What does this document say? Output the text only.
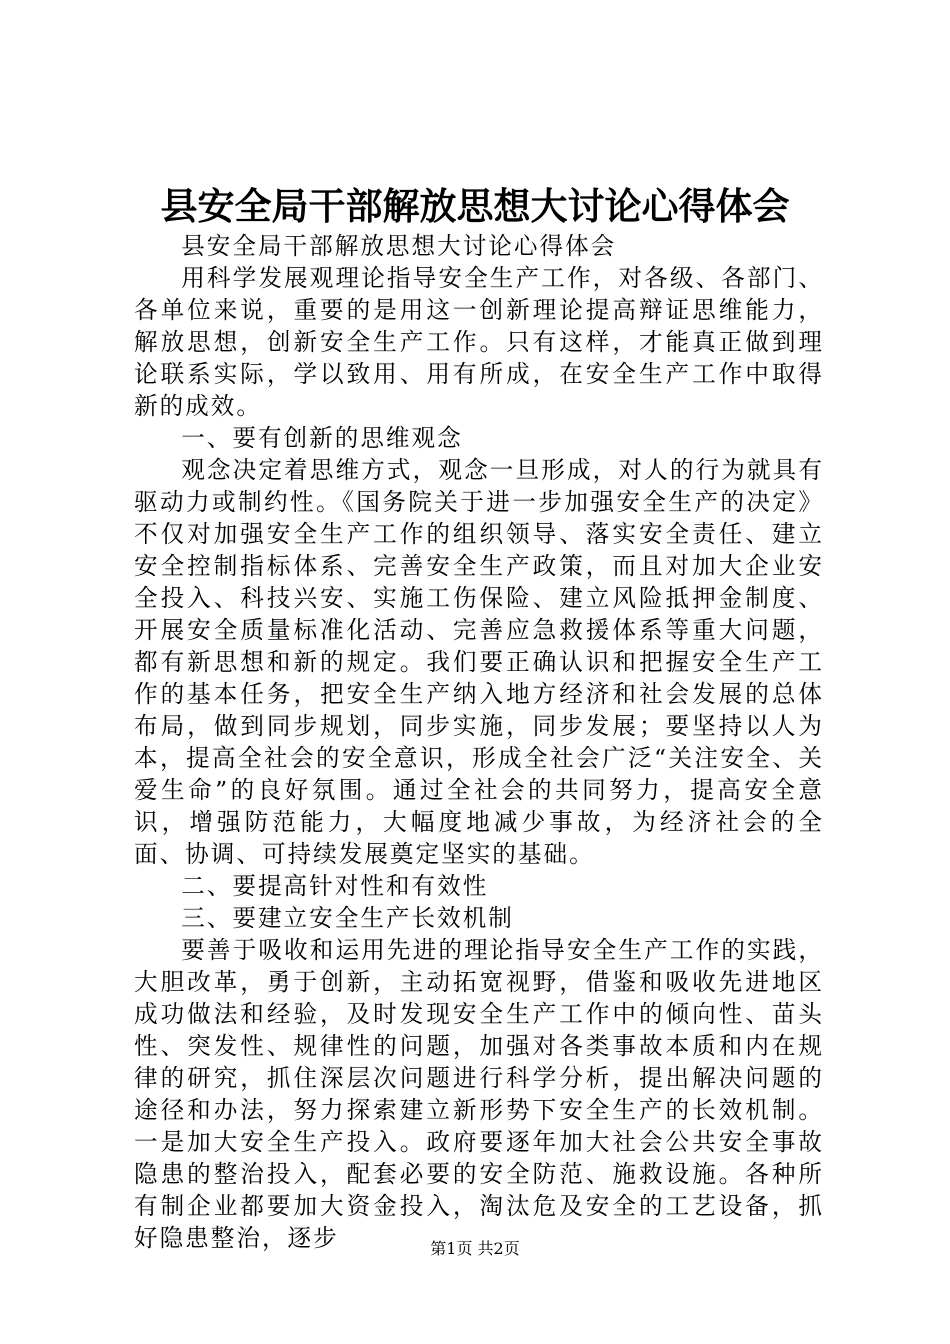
县安全局干部解放思想大讨论心得体会

县安全局干部解放思想大讨论心得体会

用科学发展观理论指导安全生产工作，对各级、各部门、各单位来说，重要的是用这一创新理论提高辩证思维能力，解放思想，创新安全生产工作。只有这样，才能真正做到理论联系实际，学以致用、用有所成，在安全生产工作中取得新的成效。

一、要有创新的思维观念

观念决定着思维方式，观念一旦形成，对人的行为就具有驱动力或制约性。《国务院关于进一步加强安全生产的决定》不仅对加强安全生产工作的组织领导、落实安全责任、建立安全控制指标体系、完善安全生产政策，而且对加大企业安全投入、科技兴安、实施工伤保险、建立风险抵押金制度、开展安全质量标准化活动、完善应急救援体系等重大问题，都有新思想和新的规定。我们要正确认识和把握安全生产工作的基本任务，把安全生产纳入地方经济和社会发展的总体布局，做到同步规划，同步实施，同步发展；要坚持以人为本，提高全社会的安全意识，形成全社会广泛“关注安全、关爱生命”的良好氛围。通过全社会的共同努力，提高安全意识，增强防范能力，大幅度地减少事故，为经济社会的全面、协调、可持续发展奠定坚实的基础。

二、要提高针对性和有效性

三、要建立安全生产长效机制

要善于吸收和运用先进的理论指导安全生产工作的实践，大胆改革，勇于创新，主动拓宽视野，借鉴和吸收先进地区成功做法和经验，及时发现安全生产工作中的倾向性、苗头性、突发性、规律性的问题，加强对各类事故本质和内在规律的研究，抓住深层次问题进行科学分析，提出解决问题的途径和办法，努力探索建立新形势下安全生产的长效机制。一是加大安全生产投入。政府要逐年加大社会公共安全事故隐患的整治投入，配套必要的安全防范、施救设施。各种所有制企业都要加大资金投入，淘汰危及安全的工艺设备，抓好隐患整治，逐步	第1页 共2页
